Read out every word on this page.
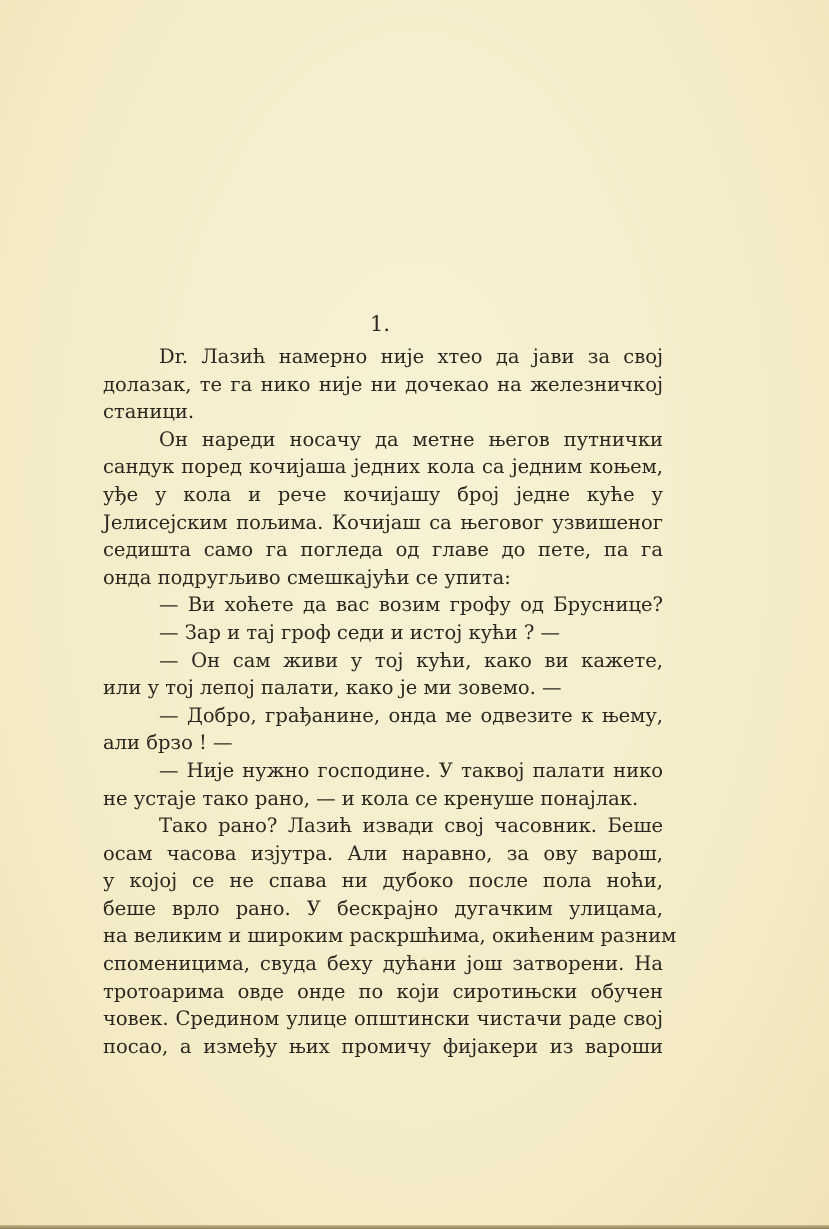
1.
Dr. Лазић намерно није хтео да јави за свој
долазак, те га нико није ни дочекао на железничкој
станици.
Он нареди носачу да метне његов путнички
сандук поред кочијаша једних кола са једним коњем,
уђе у кола и рече кочијашу број једне куће у
Јелисејским пољима. Кочијаш са његовог узвишеног
седишта само га погледа од главе до пете, па га
онда подругљиво смешкајући се упита:
— Ви хоћете да вас возим грофу од Бруснице?
— Зар и тај гроф седи и истој кући ? —
— Он сам живи у тој кући, како ви кажете,
или у тој лепој палати, како је ми зовемо. —
— Добро, грађанине, онда ме одвезите к њему,
али брзо ! —
— Није нужно господине. У таквој палати нико
не устаје тако рано, — и кола се кренуше понајлак.
Тако рано? Лазић извади свој часовник. Беше
осам часова изјутра. Али наравно, за ову варош,
у којој се не спава ни дубоко после пола ноћи,
беше врло рано. У бескрајно дугачким улицама,
на великим и широким раскршћима, окићеним разним
споменицима, свуда беху дућани још затворени. На
тротоарима овде онде по који сиротињски обучен
човек. Средином улице општински чистачи раде свој
посао, а између њих промичу фијакери из вароши
